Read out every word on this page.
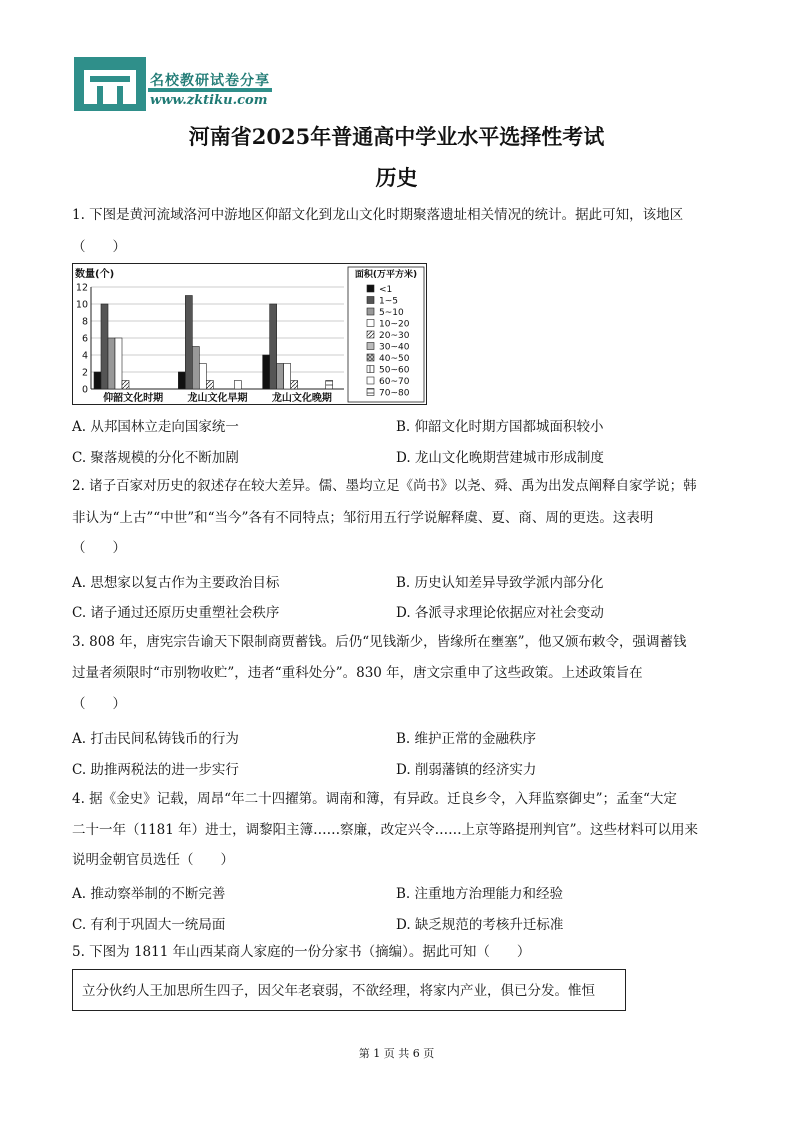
名校教研试卷分享
www.zktiku.com
河南省2025年普通高中学业水平选择性考试
历史
1. 下图是黄河流域洛河中游地区仰韶文化到龙山文化时期聚落遗址相关情况的统计。据此可知，该地区
（　　）
数量(个)
0
2
4
6
8
10
12
仰韶文化时期 龙山文化早期 龙山文化晚期
面积(万平方米)
<1
1~5
5~10
10~20
20~30
30~40
40~50
50~60
60~70
70~80
A. 从邦国林立走向国家统一	B. 仰韶文化时期方国都城面积较小
C. 聚落规模的分化不断加剧	D. 龙山文化晚期营建城市形成制度
2. 诸子百家对历史的叙述存在较大差异。儒、墨均立足《尚书》以尧、舜、禹为出发点阐释自家学说；韩
非认为“上古”“中世”和“当今”各有不同特点；邹衍用五行学说解释虞、夏、商、周的更迭。这表明
（　　）
A. 思想家以复古作为主要政治目标	B. 历史认知差异导致学派内部分化
C. 诸子通过还原历史重塑社会秩序	D. 各派寻求理论依据应对社会变动
3. 808 年，唐宪宗告谕天下限制商贾蓄钱。后仍“见钱渐少，皆缘所在壅塞”，他又颁布敕令，强调蓄钱
过量者须限时“市别物收贮”，违者“重科处分”。830 年，唐文宗重申了这些政策。上述政策旨在
（　　）
A. 打击民间私铸钱币的行为	B. 维护正常的金融秩序
C. 助推两税法的进一步实行	D. 削弱藩镇的经济实力
4. 据《金史》记载，周昂“年二十四擢第。调南和簿，有异政。迁良乡令，入拜监察御史”；孟奎“大定
二十一年（1181 年）进士，调黎阳主簿……察廉，改定兴令……上京等路提刑判官”。这些材料可以用来
说明金朝官员选任（　　）
A. 推动察举制的不断完善	B. 注重地方治理能力和经验
C. 有利于巩固大一统局面	D. 缺乏规范的考核升迁标准
5. 下图为 1811 年山西某商人家庭的一份分家书（摘编）。据此可知（　　）
立分伙约人王加思所生四子，因父年老衰弱，不欲经理，将家内产业，俱已分发。惟恒
第 1 页 共 6 页
